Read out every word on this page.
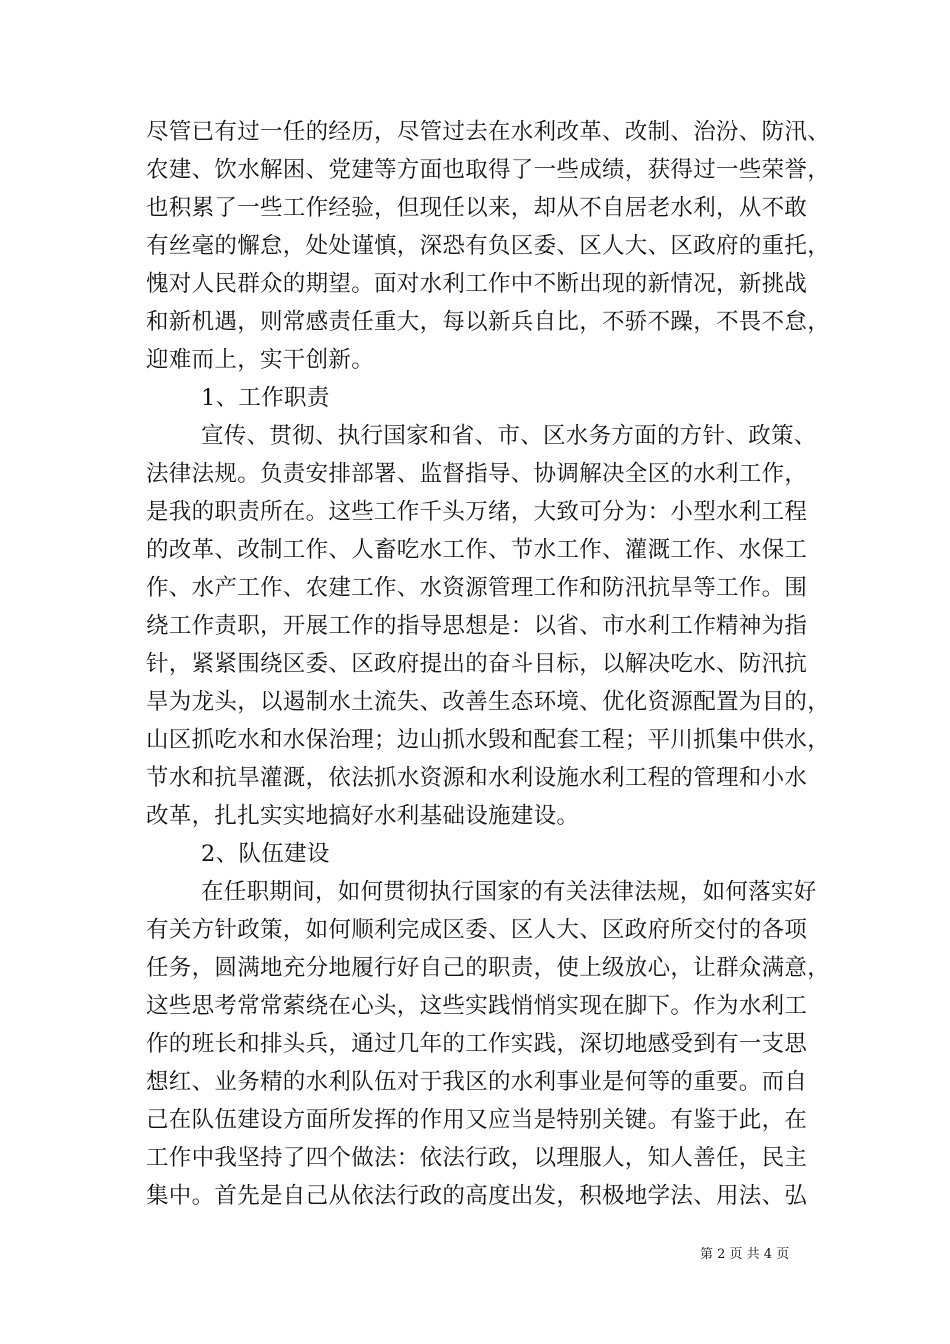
尽管已有过一任的经历，尽管过去在水利改革、改制、治汾、防汛、
农建、饮水解困、党建等方面也取得了一些成绩，获得过一些荣誉，
也积累了一些工作经验，但现任以来，却从不自居老水利，从不敢
有丝毫的懈怠，处处谨慎，深恐有负区委、区人大、区政府的重托，
愧对人民群众的期望。面对水利工作中不断出现的新情况，新挑战
和新机遇，则常感责任重大，每以新兵自比，不骄不躁，不畏不怠，
迎难而上，实干创新。
1、工作职责
宣传、贯彻、执行国家和省、市、区水务方面的方针、政策、
法律法规。负责安排部署、监督指导、协调解决全区的水利工作，
是我的职责所在。这些工作千头万绪，大致可分为：小型水利工程
的改革、改制工作、人畜吃水工作、节水工作、灌溉工作、水保工
作、水产工作、农建工作、水资源管理工作和防汛抗旱等工作。围
绕工作责职，开展工作的指导思想是：以省、市水利工作精神为指
针，紧紧围绕区委、区政府提出的奋斗目标，以解决吃水、防汛抗
旱为龙头，以遏制水土流失、改善生态环境、优化资源配置为目的，
山区抓吃水和水保治理；边山抓水毁和配套工程；平川抓集中供水，
节水和抗旱灌溉，依法抓水资源和水利设施水利工程的管理和小水
改革，扎扎实实地搞好水利基础设施建设。
2、队伍建设
在任职期间，如何贯彻执行国家的有关法律法规，如何落实好
有关方针政策，如何顺利完成区委、区人大、区政府所交付的各项
任务，圆满地充分地履行好自己的职责，使上级放心，让群众满意，
这些思考常常萦绕在心头，这些实践悄悄实现在脚下。作为水利工
作的班长和排头兵，通过几年的工作实践，深切地感受到有一支思
想红、业务精的水利队伍对于我区的水利事业是何等的重要。而自
己在队伍建设方面所发挥的作用又应当是特别关键。有鉴于此，在
工作中我坚持了四个做法：依法行政，以理服人，知人善任，民主
集中。首先是自己从依法行政的高度出发，积极地学法、用法、弘
第 2 页 共 4 页
